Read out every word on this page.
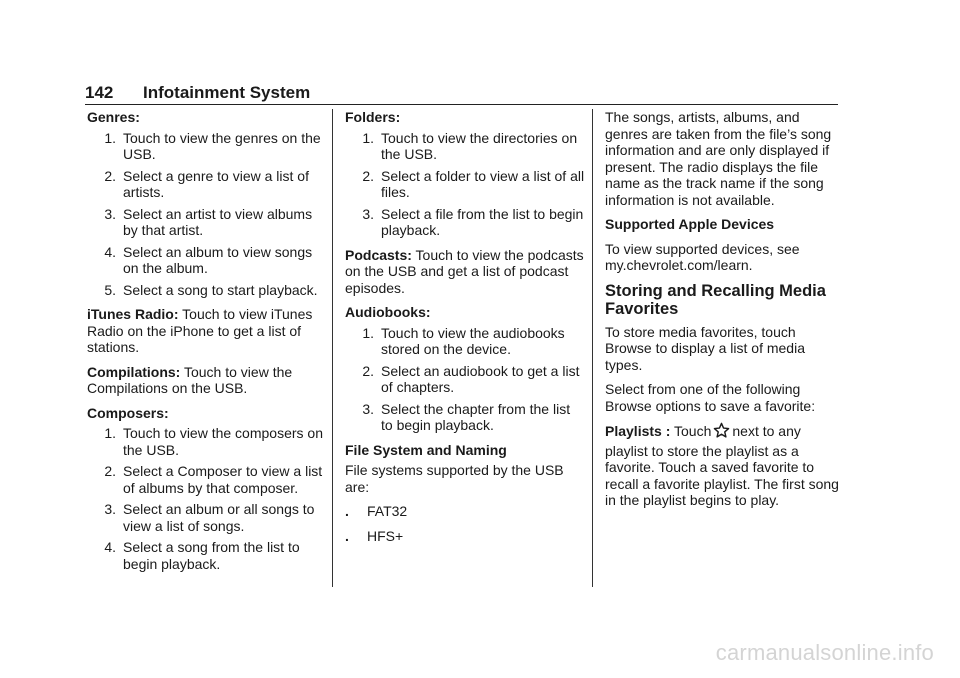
142 Infotainment System
Genres:
1. Touch to view the genres on the USB.
2. Select a genre to view a list of artists.
3. Select an artist to view albums by that artist.
4. Select an album to view songs on the album.
5. Select a song to start playback.

iTunes Radio: Touch to view iTunes Radio on the iPhone to get a list of stations.

Compilations: Touch to view the Compilations on the USB.

Composers:
1. Touch to view the composers on the USB.
2. Select a Composer to view a list of albums by that composer.
3. Select an album or all songs to view a list of songs.
4. Select a song from the list to begin playback.
Folders:
1. Touch to view the directories on the USB.
2. Select a folder to view a list of all files.
3. Select a file from the list to begin playback.

Podcasts: Touch to view the podcasts on the USB and get a list of podcast episodes.

Audiobooks:
1. Touch to view the audiobooks stored on the device.
2. Select an audiobook to get a list of chapters.
3. Select the chapter from the list to begin playback.
File System and Naming

File systems supported by the USB are:

.	FAT32
.	HFS+

The songs, artists, albums, and genres are taken from the file’s song information and are only displayed if present. The radio displays the file name as the track name if the song information is not available.

Supported Apple Devices

To view supported devices, see my.chevrolet.com/learn.

Storing and Recalling Media Favorites

To store media favorites, touch Browse to display a list of media types.

Select from one of the following Browse options to save a favorite:

Playlists : Touch next to any playlist to store the playlist as a favorite. Touch a saved favorite to recall a favorite playlist. The first song in the playlist begins to play.

carmanualsonline.info
